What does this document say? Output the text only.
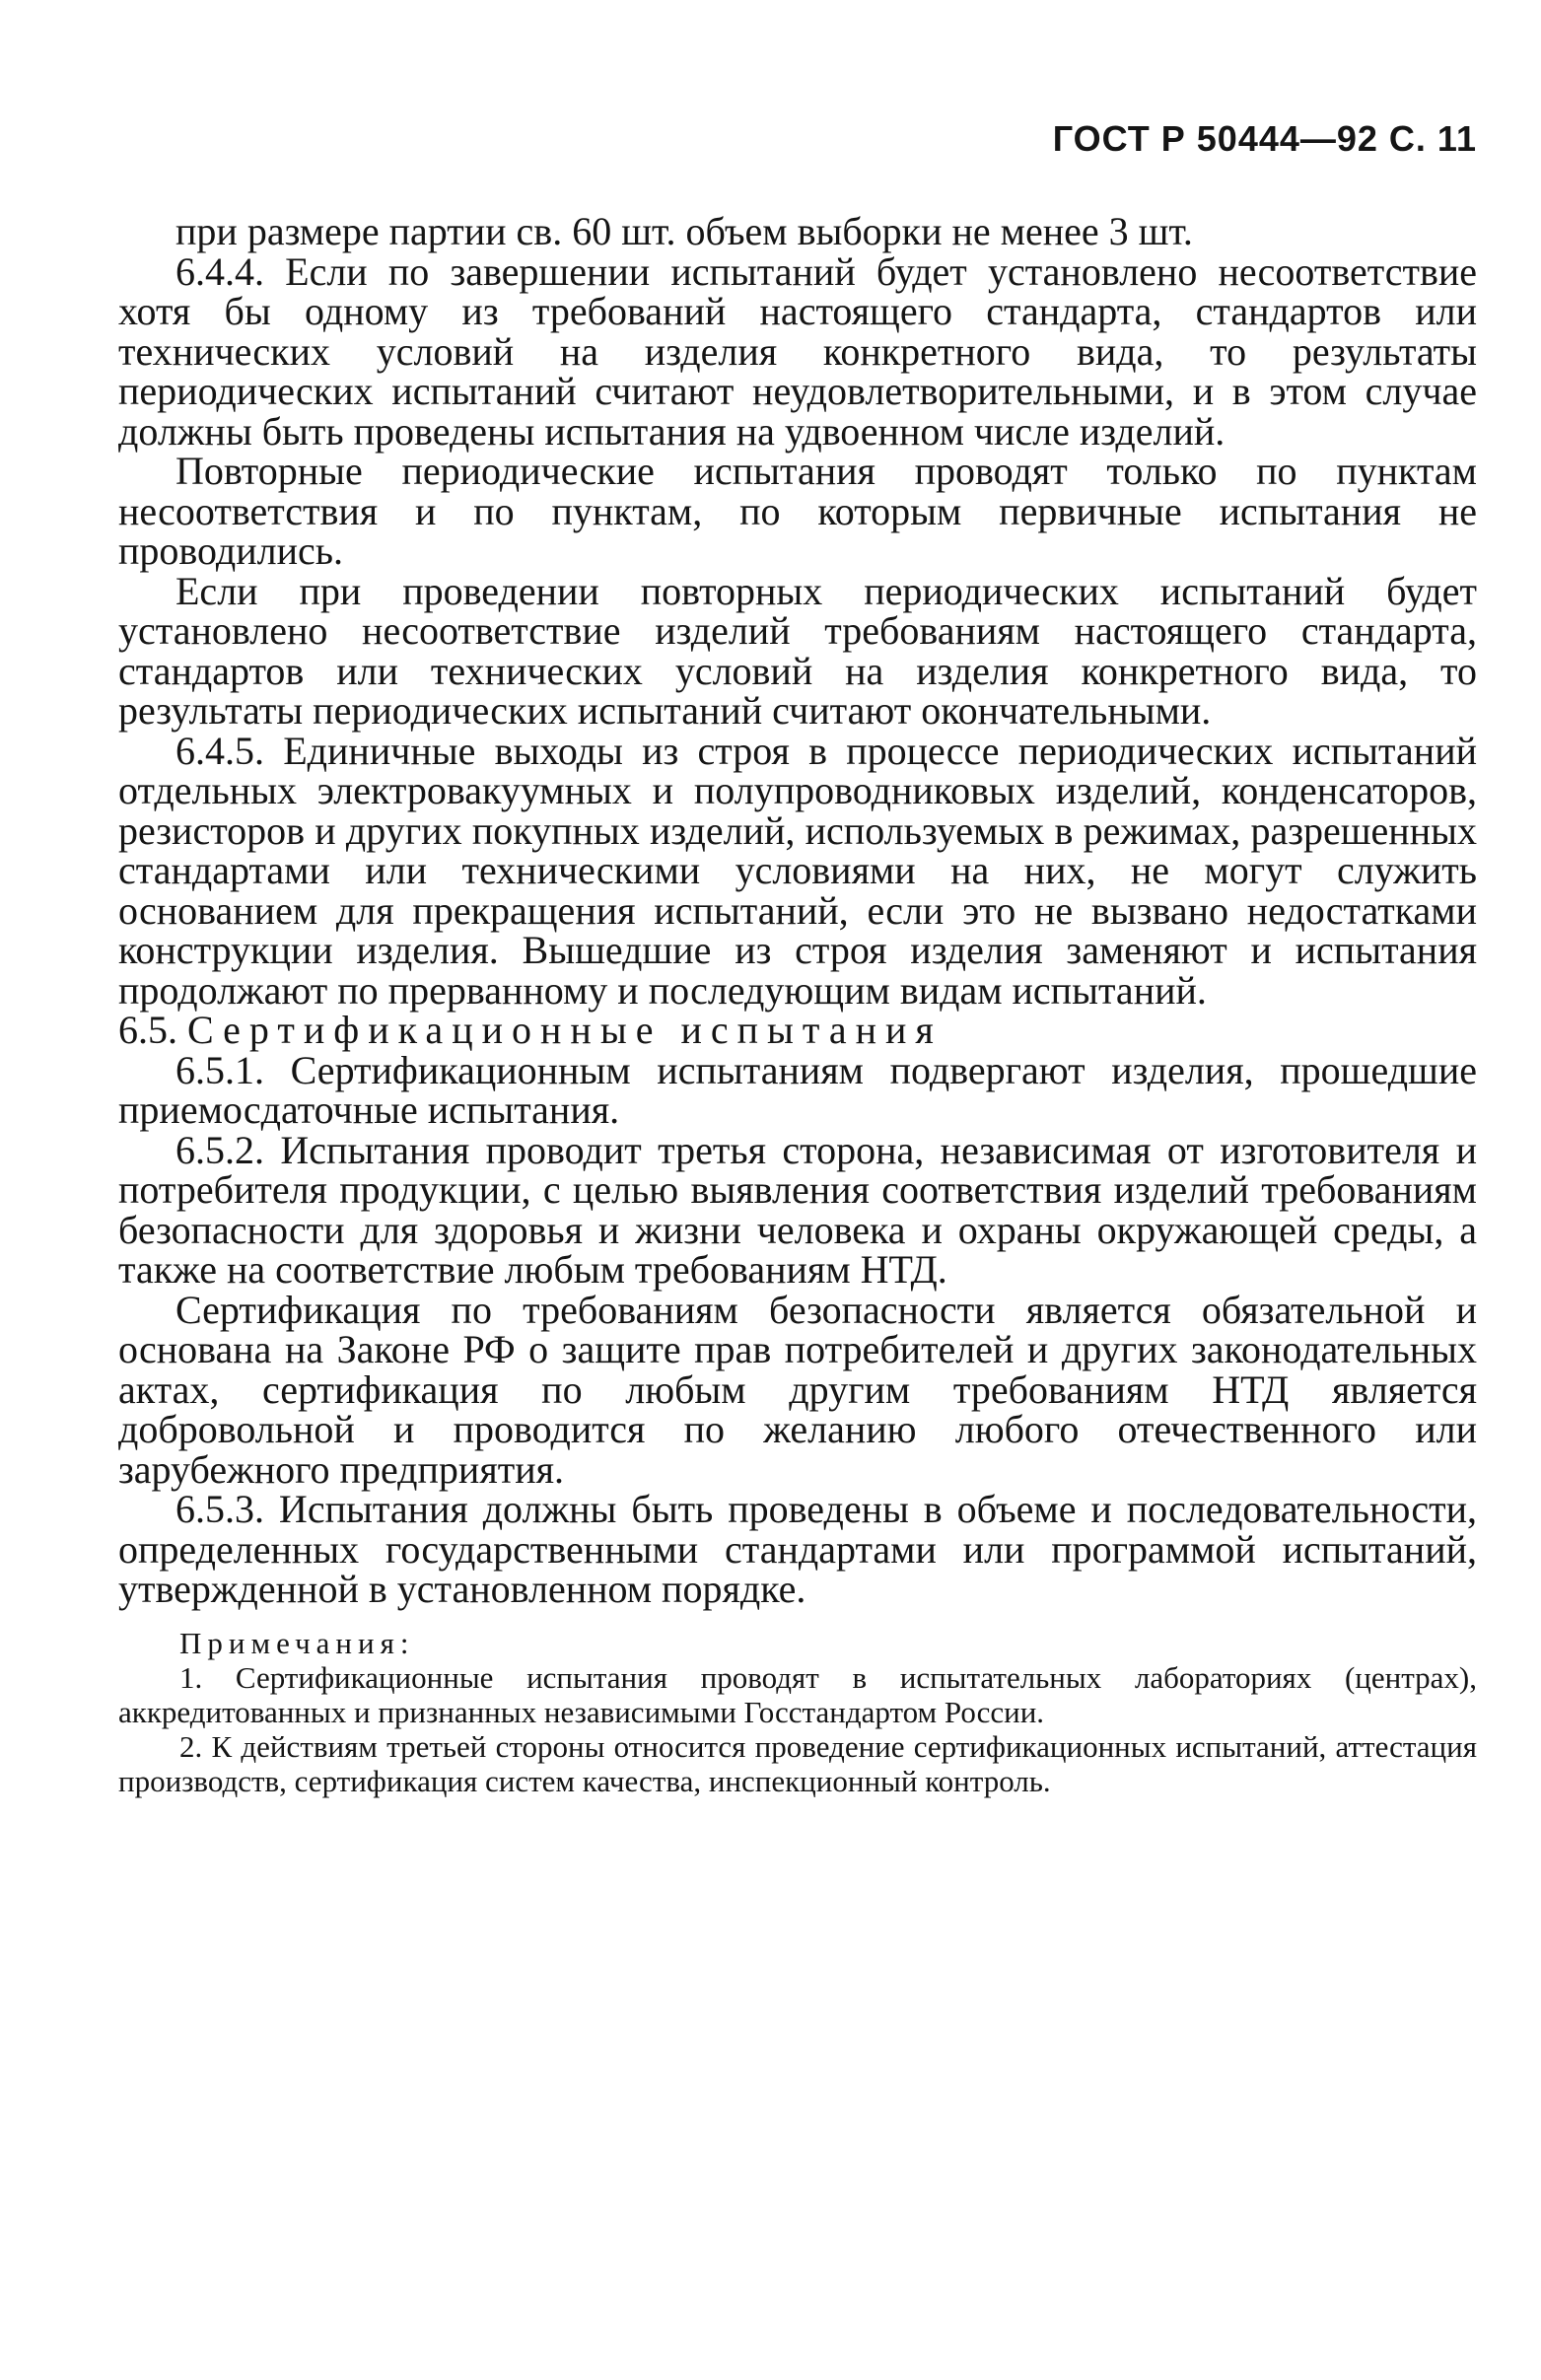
ГОСТ Р 50444—92 С. 11

при размере партии св. 60 шт. объем выборки не менее 3 шт.

6.4.4. Если по завершении испытаний будет установлено несоответствие хотя бы одному из требований настоящего стандарта, стандартов или технических условий на изделия конкретного вида, то результаты периодических испытаний считают неудовлетворительными, и в этом случае должны быть проведены испытания на удвоенном числе изделий.

Повторные периодические испытания проводят только по пунктам несоответствия и по пунктам, по которым первичные испытания не проводились.

Если при проведении повторных периодических испытаний будет установлено несоответствие изделий требованиям настоящего стандарта, стандартов или технических условий на изделия конкретного вида, то результаты периодических испытаний считают окончательными.

6.4.5. Единичные выходы из строя в процессе периодических испытаний отдельных электровакуумных и полупроводниковых изделий, конденсаторов, резисторов и других покупных изделий, используемых в режимах, разрешенных стандартами или техническими условиями на них, не могут служить основанием для прекращения испытаний, если это не вызвано недостатками конструкции изделия. Вышедшие из строя изделия заменяют и испытания продолжают по прерванному и последующим видам испытаний.

6.5. Сертификационные испытания

6.5.1. Сертификационным испытаниям подвергают изделия, прошедшие приемосдаточные испытания.

6.5.2. Испытания проводит третья сторона, независимая от изготовителя и потребителя продукции, с целью выявления соответствия изделий требованиям безопасности для здоровья и жизни человека и охраны окружающей среды, а также на соответствие любым требованиям НТД.

Сертификация по требованиям безопасности является обязательной и основана на Законе РФ о защите прав потребителей и других законодательных актах, сертификация по любым другим требованиям НТД является добровольной и проводится по желанию любого отечественного или зарубежного предприятия.

6.5.3. Испытания должны быть проведены в объеме и последовательности, определенных государственными стандартами или программой испытаний, утвержденной в установленном порядке.

Примечания:

1. Сертификационные испытания проводят в испытательных лабораториях (центрах), аккредитованных и признанных независимыми Госстандартом России.

2. К действиям третьей стороны относится проведение сертификационных испытаний, аттестация производств, сертификация систем качества, инспекционный контроль.
